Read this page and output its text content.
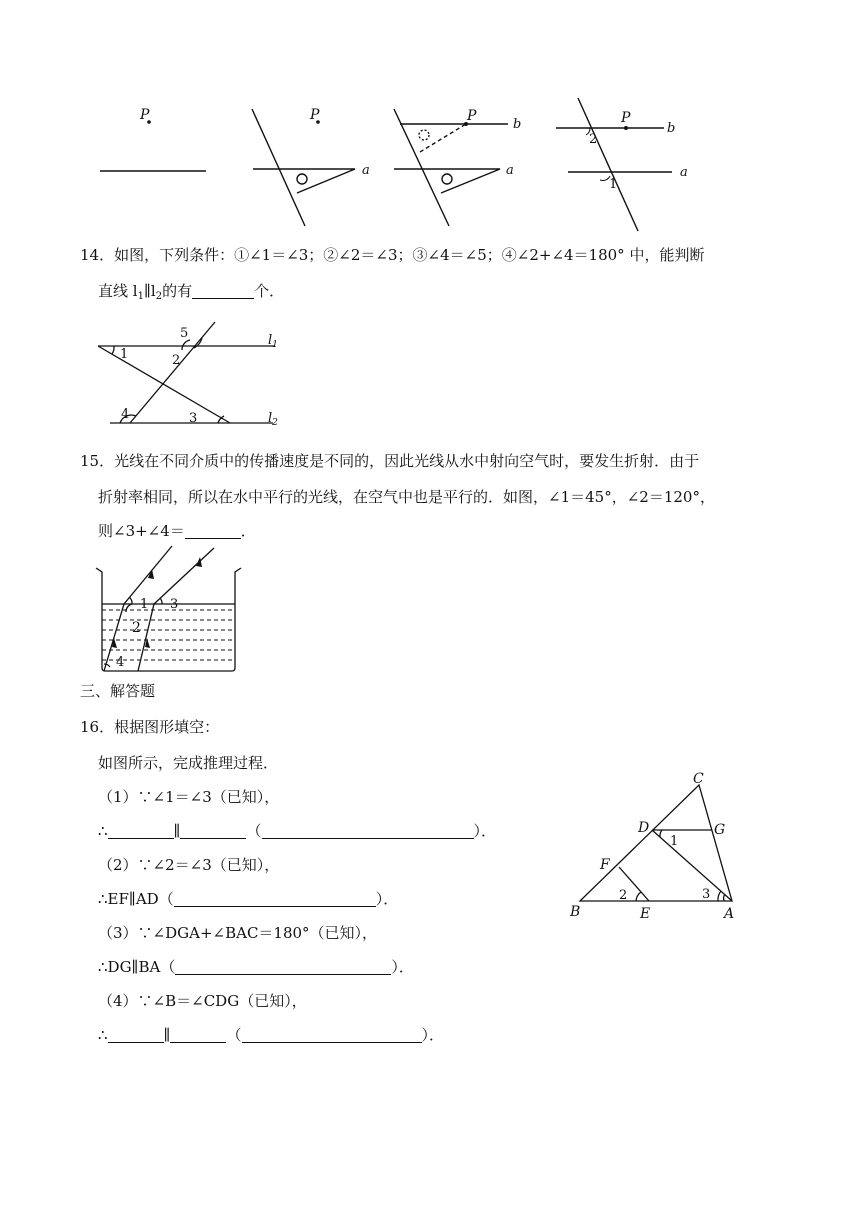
P	P
a
P
b
a
P
b
a
2
1
14．如图，下列条件：①∠1＝∠3；②∠2＝∠3；③∠4＝∠5；④∠2+∠4＝180° 中，能判断
直线 $l_1\parallel l_2$的有	个．
1	2
3
4
5	$l_1$
$l_2$
15．光线在不同介质中的传播速度是不同的，因此光线从水中射向空气时，要发生折射．由于
折射率相同，所以在水中平行的光线，在空气中也是平行的．如图，∠1＝45°，∠2＝120°，
则∠3+∠4＝	．
1
2
3
4
三、解答题
16．根据图形填空：
如图所示，完成推理过程．
（1）∵∠1＝∠3（已知），
∴	∥	（	）．
（2）∵∠2＝∠3（已知），
∴EF∥AD（	）．
（3）∵∠DGA+∠BAC＝180°（已知），
∴DG∥BA（	）．
（4）∵∠B＝∠CDG（已知），
∴	∥	（	）．
C
D	G
F
B	E	A
1
2	3
